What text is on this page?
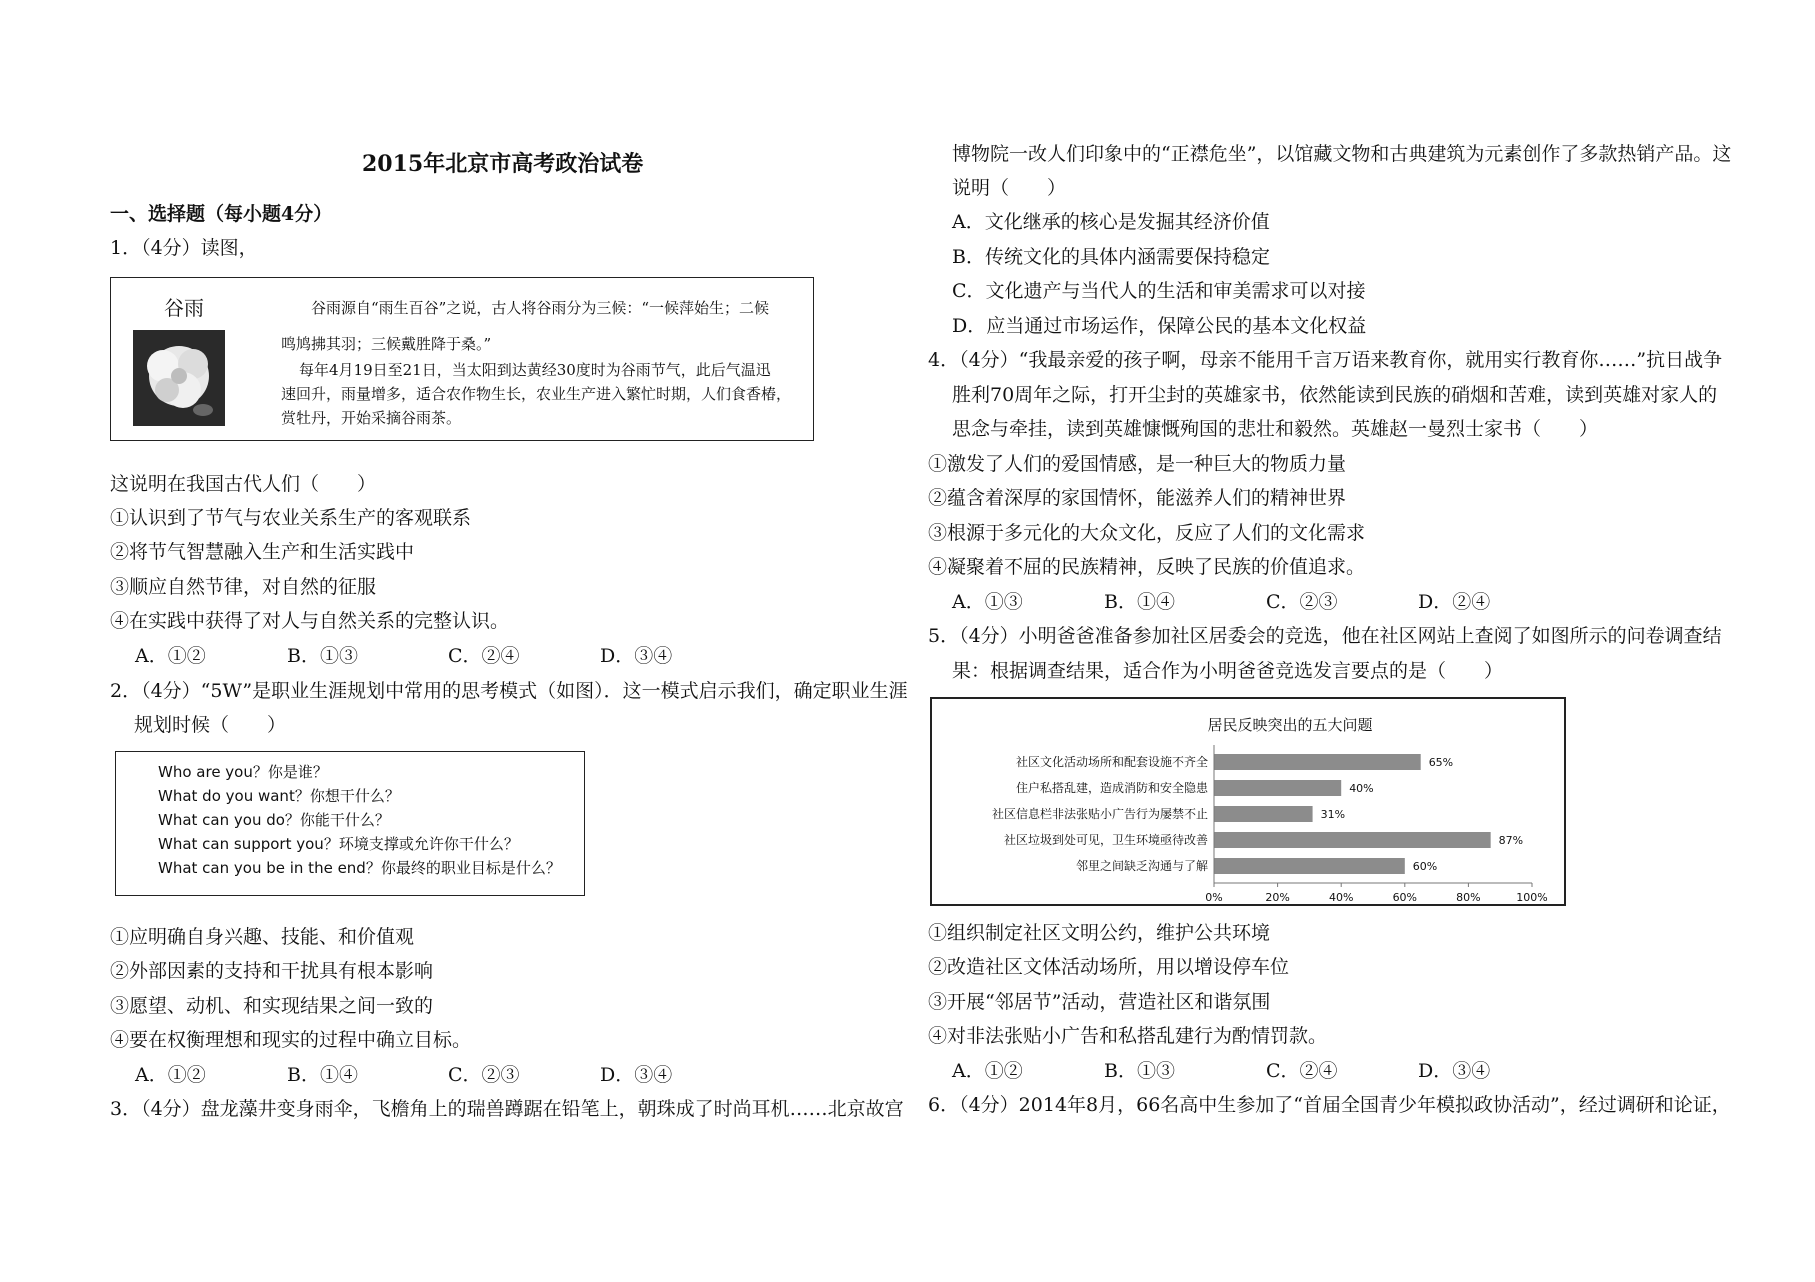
2015年北京市高考政治试卷
一、选择题（每小题4分）
1．（4分）读图，
谷雨	谷雨源自“雨生百谷”之说，古人将谷雨分为三候：“一候萍始生；二候
鸣鸠拂其羽；三候戴胜降于桑。”
每年4月19日至21日，当太阳到达黄经30度时为谷雨节气，此后气温迅
速回升，雨量增多，适合农作物生长，农业生产进入繁忙时期，人们食香椿，
赏牡丹，开始采摘谷雨茶。
这说明在我国古代人们（　　）
①认识到了节气与农业关系生产的客观联系
②将节气智慧融入生产和生活实践中
③顺应自然节律，对自然的征服
④在实践中获得了对人与自然关系的完整认识。
A．①②	B．①③	C．②④	D．③④
2．（4分）“5W”是职业生涯规划中常用的思考模式（如图）．这一模式启示我们，确定职业生涯
规划时候（　　）
Who are you？你是谁？
What do you want？你想干什么？
What can you do？你能干什么？
What can support you？环境支撑或允许你干什么？
What can you be in the end？你最终的职业目标是什么？
①应明确自身兴趣、技能、和价值观
②外部因素的支持和干扰具有根本影响
③愿望、动机、和实现结果之间一致的
④要在权衡理想和现实的过程中确立目标。
A．①②	B．①④	C．②③	D．③④
3．（4分）盘龙藻井变身雨伞，飞檐角上的瑞兽蹲踞在铅笔上，朝珠成了时尚耳机……北京故宫
博物院一改人们印象中的“正襟危坐”，以馆藏文物和古典建筑为元素创作了多款热销产品。这
说明（　　）
A．文化继承的核心是发掘其经济价值
B．传统文化的具体内涵需要保持稳定
C．文化遗产与当代人的生活和审美需求可以对接
D．应当通过市场运作，保障公民的基本文化权益
4．（4分）“我最亲爱的孩子啊，母亲不能用千言万语来教育你，就用实行教育你……”抗日战争
胜利70周年之际，打开尘封的英雄家书，依然能读到民族的硝烟和苦难，读到英雄对家人的
思念与牵挂，读到英雄慷慨殉国的悲壮和毅然。英雄赵一曼烈士家书（　　）
①激发了人们的爱国情感，是一种巨大的物质力量
②蕴含着深厚的家国情怀，能滋养人们的精神世界
③根源于多元化的大众文化，反应了人们的文化需求
④凝聚着不屈的民族精神，反映了民族的价值追求。
A．①③	B．①④	C．②③	D．②④
5．（4分）小明爸爸准备参加社区居委会的竞选，他在社区网站上查阅了如图所示的问卷调查结
果：根据调查结果，适合作为小明爸爸竞选发言要点的是（　　）
居民反映突出的五大问题
社区文化活动场所和配套设施不齐全	65%
住户私搭乱建，造成消防和安全隐患	40%
社区信息栏非法张贴小广告行为屡禁不止	31%
社区垃圾到处可见，卫生环境亟待改善	87%
邻里之间缺乏沟通与了解	60%
0%	20%	40%	60%	80%	100%
①组织制定社区文明公约，维护公共环境
②改造社区文体活动场所，用以增设停车位
③开展“邻居节”活动，营造社区和谐氛围
④对非法张贴小广告和私搭乱建行为酌情罚款。
A．①②	B．①③	C．②④	D．③④
6．（4分）2014年8月，66名高中生参加了“首届全国青少年模拟政协活动”，经过调研和论证，
